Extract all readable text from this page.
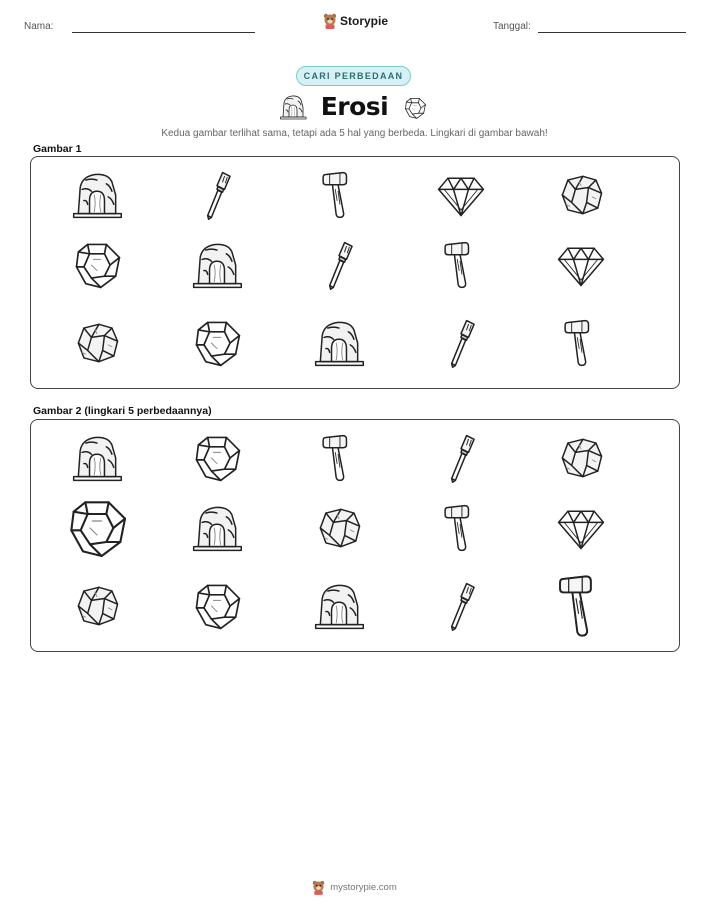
Nama:	Storypie	Tanggal:
CARI PERBEDAAN
Erosi
Kedua gambar terlihat sama, tetapi ada 5 hal yang berbeda. Lingkari di gambar bawah!
Gambar 1
Gambar 2 (lingkari 5 perbedaannya)
mystorypie.com
